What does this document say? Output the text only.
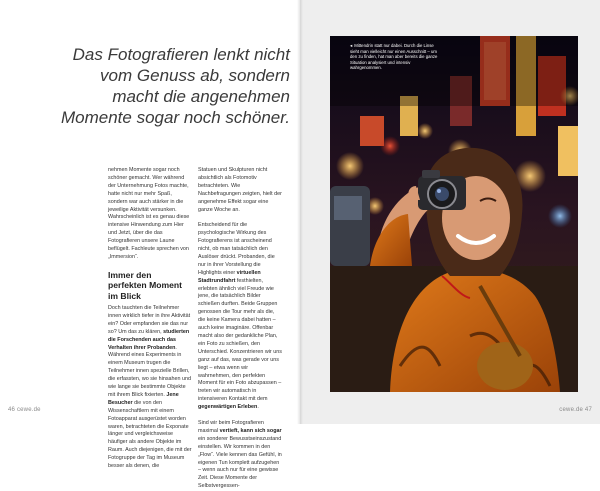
Das Fotografieren lenkt nicht
vom Genuss ab, sondern
macht die angenehmen
Momente sogar noch schöner.

nehmen Momente sogar noch schöner gemacht. Wer während der Unternehmung Fotos machte, hatte nicht nur mehr Spaß, sondern war auch stärker in die jeweilige Aktivität versunken. Wahrscheinlich ist es genau diese intensive Hinwendung zum Hier und Jetzt, über die das Fotografieren unsere Laune beflügelt. Fachleute sprechen von „Immersion“.

Immer den perfekten Moment im Blick

Doch tauchten die Teilnehmer innen wirklich tiefer in ihre Aktivität ein? Oder empfanden sie das nur so? Um das zu klären, studierten die Forschenden auch das Verhalten ihrer Probanden. Während eines Experiments in einem Museum trugen die Teilnehmer innen spezielle Brillen, die erfassten, wo sie hinsahen und wie lange sie bestimmte Objekte mit ihrem Blick fixierten. Jene Besucher die von den Wissenschaftlern mit einem Fotoapparat ausgerüstet worden waren, betrachteten die Exponate länger und vergleichsweise häufiger als andere Objekte im Raum. Auch diejenigen, die mit der Fotogruppe der Tag im Museum besser als denen, die

Statuen und Skulpturen nicht absichtlich als Fotomotiv betrachteten. Wie Nachbefragungen zeigten, hielt der angenehme Effekt sogar eine ganze Woche an.

Entscheidend für die psychologische Wirkung des Fotografierens ist anscheinend nicht, ob man tatsächlich den Auslöser drückt. Probanden, die nur in ihrer Vorstellung die Highlights einer virtuellen Stadtrundfahrt festhielten, erlebten ähnlich viel Freude wie jene, die tatsächlich Bilder schießen durften. Beide Gruppen genossen die Tour mehr als die, die keine Kamera dabei hatten – auch keine imaginäre. Offenbar macht also der gedankliche Plan, ein Foto zu schießen, den Unterschied. Konzentrieren wir uns ganz auf das, was gerade vor uns liegt – etwa wenn wir wahrnehmen, den perfekten Moment für ein Foto abzupassen – treten wir automatisch in intensiveren Kontakt mit dem gegenwärtigen Erleben.

Sind wir beim Fotografieren maximal vertieft, kann sich sogar ein sonderer Bewusstseinszustand einstellen. Wir kommen in den „Flow“. Viele kennen das Gefühl, in eigenen Tun komplett aufzugehen – wenn auch nur für eine gewisse Zeit. Diese Momente der Selbstvergessen-

46 cewe.de	cewe.de 47

◂ Mittendrin statt nur dabei. Durch die Linse sieht man vielleicht nur einen Ausschnitt – um den zu finden, hat man aber bereits die ganze Situation analysiert und intensiv wahrgenommen.
